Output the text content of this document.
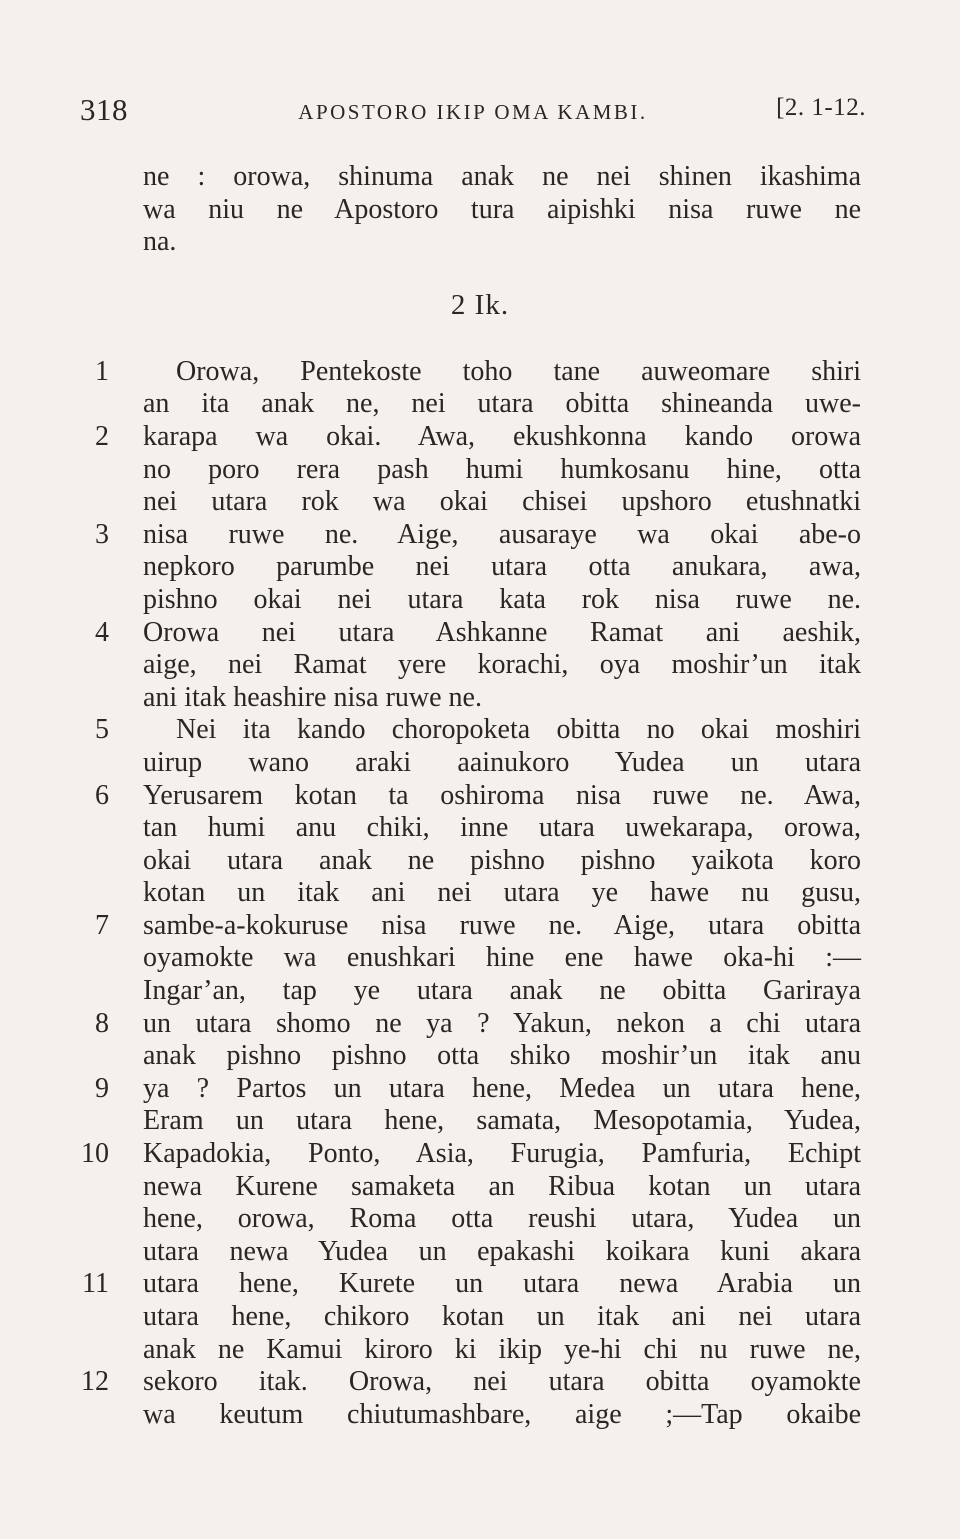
318	APOSTORO IKIP OMA KAMBI.	[2. 1-12.
ne : orowa, shinuma anak ne nei shinen ikashima
wa niu ne Apostoro tura aipishki nisa ruwe ne
na.
2 Ik.
1 Orowa, Pentekoste toho tane auweomare shiri
an ita anak ne, nei utara obitta shineanda uwe-
2 karapa wa okai. Awa, ekushkonna kando orowa
no poro rera pash humi humkosanu hine, otta
nei utara rok wa okai chisei upshoro etushnatki
3 nisa ruwe ne. Aige, ausaraye wa okai abe-o
nepkoro parumbe nei utara otta anukara, awa,
pishno okai nei utara kata rok nisa ruwe ne.
4 Orowa nei utara Ashkanne Ramat ani aeshik,
aige, nei Ramat yere korachi, oya moshir’un itak
ani itak heashire nisa ruwe ne.
5 Nei ita kando choropoketa obitta no okai moshiri
uirup wano araki aainukoro Yudea un utara
6 Yerusarem kotan ta oshiroma nisa ruwe ne. Awa,
tan humi anu chiki, inne utara uwekarapa, orowa,
okai utara anak ne pishno pishno yaikota koro
kotan un itak ani nei utara ye hawe nu gusu,
7 sambe-a-kokuruse nisa ruwe ne. Aige, utara obitta
oyamokte wa enushkari hine ene hawe oka-hi :—
Ingar’an, tap ye utara anak ne obitta Gariraya
8 un utara shomo ne ya ? Yakun, nekon a chi utara
anak pishno pishno otta shiko moshir’un itak anu
9 ya ? Partos un utara hene, Medea un utara hene,
Eram un utara hene, samata, Mesopotamia, Yudea,
10 Kapadokia, Ponto, Asia, Furugia, Pamfuria, Echipt
newa Kurene samaketa an Ribua kotan un utara
hene, orowa, Roma otta reushi utara, Yudea un
utara newa Yudea un epakashi koikara kuni akara
11 utara hene, Kurete un utara newa Arabia un
utara hene, chikoro kotan un itak ani nei utara
anak ne Kamui kiroro ki ikip ye-hi chi nu ruwe ne,
12 sekoro itak. Orowa, nei utara obitta oyamokte
wa keutum chiutumashbare, aige ;—Tap okaibe
